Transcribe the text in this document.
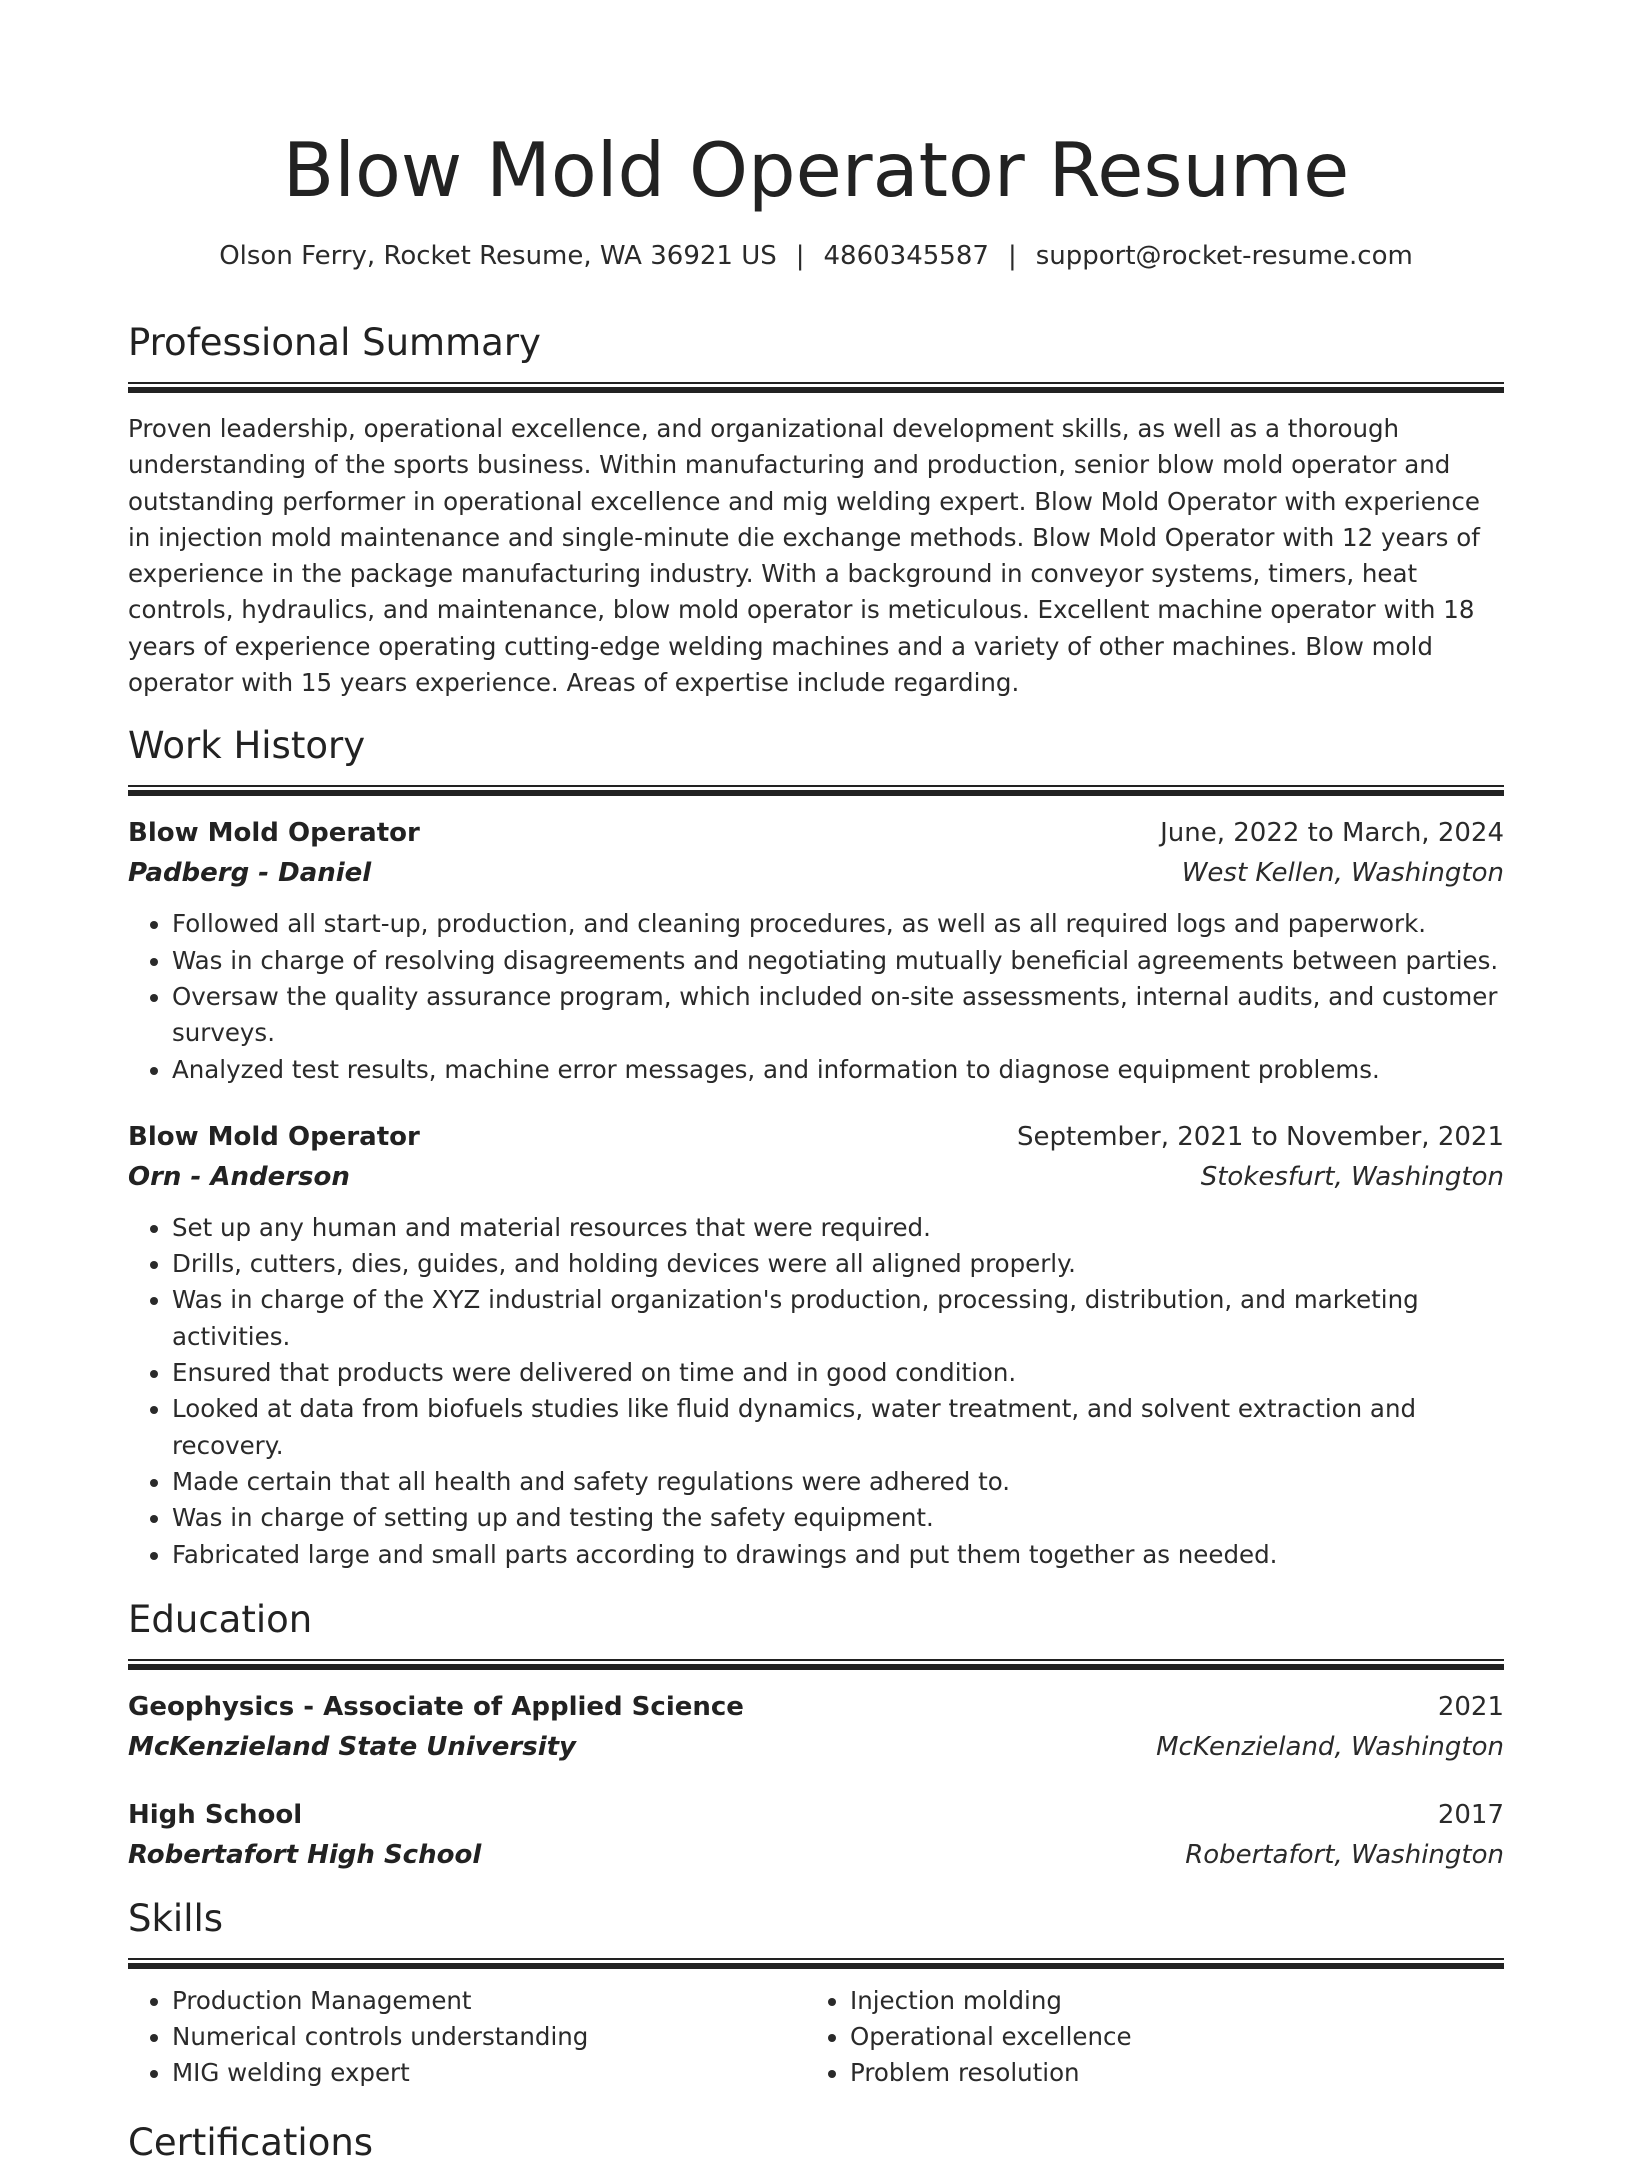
Blow Mold Operator Resume
Olson Ferry, Rocket Resume, WA 36921 US | 4860345587 | support@rocket-resume.com
Professional Summary

Proven leadership, operational excellence, and organizational development skills, as well as a thorough understanding of the sports business. Within manufacturing and production, senior blow mold operator and outstanding performer in operational excellence and mig welding expert. Blow Mold Operator with experience in injection mold maintenance and single-minute die exchange methods. Blow Mold Operator with 12 years of experience in the package manufacturing industry. With a background in conveyor systems, timers, heat controls, hydraulics, and maintenance, blow mold operator is meticulous. Excellent machine operator with 18 years of experience operating cutting-edge welding machines and a variety of other machines. Blow mold operator with 15 years experience. Areas of expertise include regarding.

Work History
Blow Mold Operator	June, 2022 to March, 2024
Padberg - Daniel	West Kellen, Washington
• Followed all start-up, production, and cleaning procedures, as well as all required logs and paperwork.
• Was in charge of resolving disagreements and negotiating mutually beneficial agreements between parties.
• Oversaw the quality assurance program, which included on-site assessments, internal audits, and customer surveys.
• Analyzed test results, machine error messages, and information to diagnose equipment problems.
Blow Mold Operator	September, 2021 to November, 2021
Orn - Anderson	Stokesfurt, Washington
• Set up any human and material resources that were required.
• Drills, cutters, dies, guides, and holding devices were all aligned properly.
• Was in charge of the XYZ industrial organization's production, processing, distribution, and marketing activities.
• Ensured that products were delivered on time and in good condition.
• Looked at data from biofuels studies like fluid dynamics, water treatment, and solvent extraction and recovery.
• Made certain that all health and safety regulations were adhered to.
• Was in charge of setting up and testing the safety equipment.
• Fabricated large and small parts according to drawings and put them together as needed.
Education
Geophysics - Associate of Applied Science	2021
McKenzieland State University	McKenzieland, Washington
High School	2017
Robertafort High School	Robertafort, Washington
Skills
• Production Management
• Numerical controls understanding
• MIG welding expert
• Injection molding
• Operational excellence
• Problem resolution
Certifications
